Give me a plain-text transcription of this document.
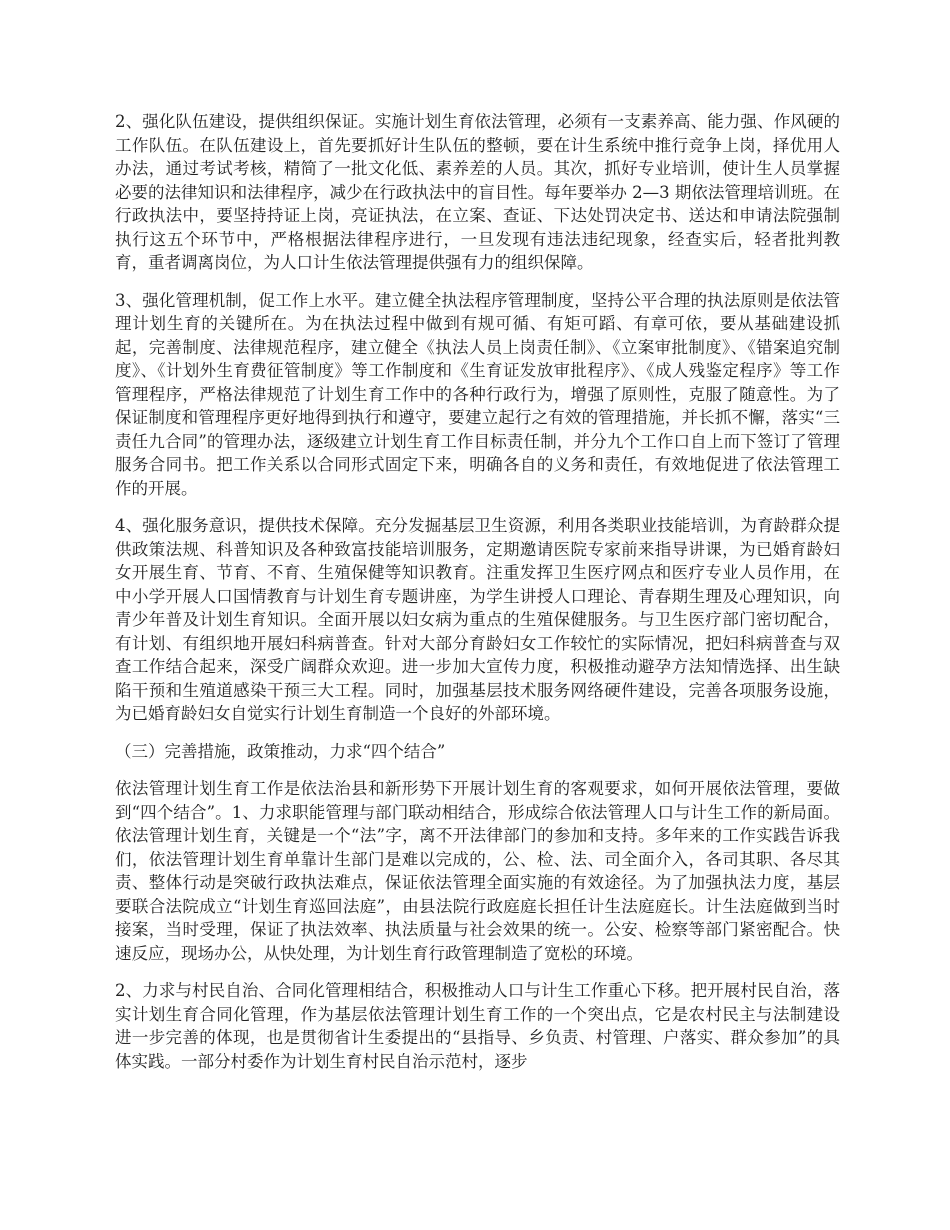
2、强化队伍建设，提供组织保证。实施计划生育依法管理，必须有一支素养高、能力强、作风硬的工作队伍。在队伍建设上，首先要抓好计生队伍的整顿，要在计生系统中推行竞争上岗，择优用人办法，通过考试考核，精简了一批文化低、素养差的人员。其次，抓好专业培训，使计生人员掌握必要的法律知识和法律程序，减少在行政执法中的盲目性。每年要举办 2—3 期依法管理培训班。在行政执法中，要坚持持证上岗，亮证执法，在立案、查证、下达处罚决定书、送达和申请法院强制执行这五个环节中，严格根据法律程序进行，一旦发现有违法违纪现象，经查实后，轻者批判教育，重者调离岗位，为人口计生依法管理提供强有力的组织保障。

3、强化管理机制，促工作上水平。建立健全执法程序管理制度，坚持公平合理的执法原则是依法管理计划生育的关键所在。为在执法过程中做到有规可循、有矩可蹈、有章可依，要从基础建设抓起，完善制度、法律规范程序，建立健全《执法人员上岗责任制》、《立案审批制度》、《错案追究制度》、《计划外生育费征管制度》等工作制度和《生育证发放审批程序》、《成人残鉴定程序》等工作管理程序，严格法律规范了计划生育工作中的各种行政行为，增强了原则性，克服了随意性。为了保证制度和管理程序更好地得到执行和遵守，要建立起行之有效的管理措施，并长抓不懈，落实“三责任九合同”的管理办法，逐级建立计划生育工作目标责任制，并分九个工作口自上而下签订了管理服务合同书。把工作关系以合同形式固定下来，明确各自的义务和责任，有效地促进了依法管理工作的开展。

4、强化服务意识，提供技术保障。充分发掘基层卫生资源，利用各类职业技能培训，为育龄群众提供政策法规、科普知识及各种致富技能培训服务，定期邀请医院专家前来指导讲课，为已婚育龄妇女开展生育、节育、不育、生殖保健等知识教育。注重发挥卫生医疗网点和医疗专业人员作用，在中小学开展人口国情教育与计划生育专题讲座，为学生讲授人口理论、青春期生理及心理知识，向青少年普及计划生育知识。全面开展以妇女病为重点的生殖保健服务。与卫生医疗部门密切配合，有计划、有组织地开展妇科病普查。针对大部分育龄妇女工作较忙的实际情况，把妇科病普查与双查工作结合起来，深受广阔群众欢迎。进一步加大宣传力度，积极推动避孕方法知情选择、出生缺陷干预和生殖道感染干预三大工程。同时，加强基层技术服务网络硬件建设，完善各项服务设施，为已婚育龄妇女自觉实行计划生育制造一个良好的外部环境。

（三）完善措施，政策推动，力求“四个结合”

依法管理计划生育工作是依法治县和新形势下开展计划生育的客观要求，如何开展依法管理，要做到“四个结合”。1、力求职能管理与部门联动相结合，形成综合依法管理人口与计生工作的新局面。依法管理计划生育，关键是一个“法”字，离不开法律部门的参加和支持。多年来的工作实践告诉我们，依法管理计划生育单靠计生部门是难以完成的，公、检、法、司全面介入，各司其职、各尽其责、整体行动是突破行政执法难点，保证依法管理全面实施的有效途径。为了加强执法力度，基层要联合法院成立“计划生育巡回法庭”，由县法院行政庭庭长担任计生法庭庭长。计生法庭做到当时接案，当时受理，保证了执法效率、执法质量与社会效果的统一。公安、检察等部门紧密配合。快速反应，现场办公，从快处理，为计划生育行政管理制造了宽松的环境。

2、力求与村民自治、合同化管理相结合，积极推动人口与计生工作重心下移。把开展村民自治，落实计划生育合同化管理，作为基层依法管理计划生育工作的一个突出点，它是农村民主与法制建设进一步完善的体现，也是贯彻省计生委提出的“县指导、乡负责、村管理、户落实、群众参加”的具体实践。一部分村委作为计划生育村民自治示范村，逐步
